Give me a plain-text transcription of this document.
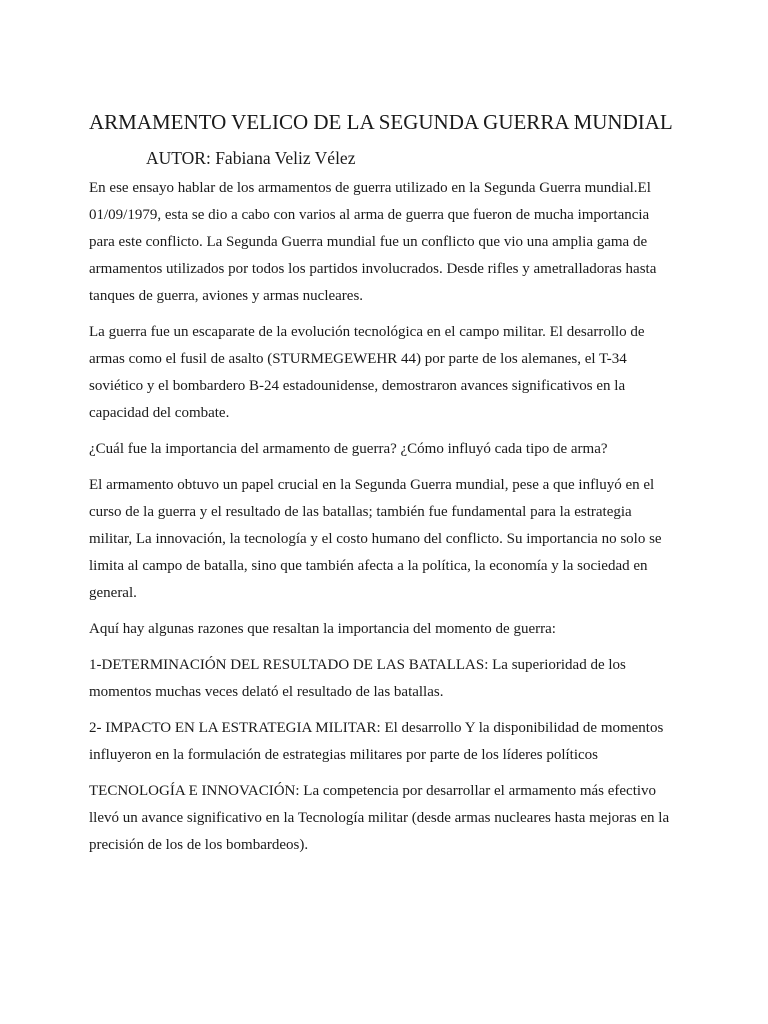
ARMAMENTO VELICO DE LA SEGUNDA GUERRA MUNDIAL
AUTOR: Fabiana Veliz Vélez

En ese ensayo hablar de los armamentos de guerra utilizado en la Segunda Guerra mundial.El
01/09/1979, esta se dio a cabo con varios al arma de guerra que fueron de mucha importancia
para este conflicto. La Segunda Guerra mundial fue un conflicto que vio una amplia gama de
armamentos utilizados por todos los partidos involucrados. Desde rifles y ametralladoras hasta
tanques de guerra, aviones y armas nucleares.

La guerra fue un escaparate de la evolución tecnológica en el campo militar. El desarrollo de
armas como el fusil de asalto (STURMEGEWEHR 44) por parte de los alemanes, el T-34
soviético y el bombardero B-24 estadounidense, demostraron avances significativos en la
capacidad del combate.

¿Cuál fue la importancia del armamento de guerra? ¿Cómo influyó cada tipo de arma?

El armamento obtuvo un papel crucial en la Segunda Guerra mundial, pese a que influyó en el
curso de la guerra y el resultado de las batallas; también fue fundamental para la estrategia
militar, La innovación, la tecnología y el costo humano del conflicto. Su importancia no solo se
limita al campo de batalla, sino que también afecta a la política, la economía y la sociedad en
general.

Aquí hay algunas razones que resaltan la importancia del momento de guerra:

1-DETERMINACIÓN DEL RESULTADO DE LAS BATALLAS: La superioridad de los
momentos muchas veces delató el resultado de las batallas.

2- IMPACTO EN LA ESTRATEGIA MILITAR: El desarrollo Y la disponibilidad de momentos
influyeron en la formulación de estrategias militares por parte de los líderes políticos

TECNOLOGÍA E INNOVACIÓN: La competencia por desarrollar el armamento más efectivo
llevó un avance significativo en la Tecnología militar (desde armas nucleares hasta mejoras en la
precisión de los de los bombardeos).
